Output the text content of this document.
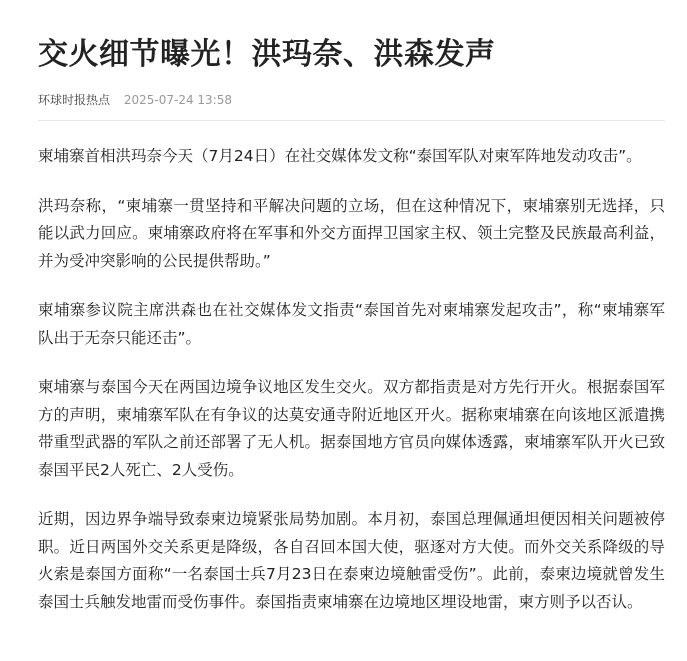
交火细节曝光！洪玛奈、洪森发声
环球时报热点 2025-07-24 13:58

柬埔寨首相洪玛奈今天（7月24日）在社交媒体发文称“泰国军队对柬军阵地发动攻击”。

洪玛奈称，“柬埔寨一贯坚持和平解决问题的立场，但在这种情况下，柬埔寨别无选择，只能以武力回应。柬埔寨政府将在军事和外交方面捍卫国家主权、领土完整及民族最高利益，并为受冲突影响的公民提供帮助。”

柬埔寨参议院主席洪森也在社交媒体发文指责“泰国首先对柬埔寨发起攻击”，称“柬埔寨军队出于无奈只能还击”。

柬埔寨与泰国今天在两国边境争议地区发生交火。双方都指责是对方先行开火。根据泰国军方的声明，柬埔寨军队在有争议的达莫安通寺附近地区开火。据称柬埔寨在向该地区派遣携带重型武器的军队之前还部署了无人机。据泰国地方官员向媒体透露，柬埔寨军队开火已致泰国平民2人死亡、2人受伤。

近期，因边界争端导致泰柬边境紧张局势加剧。本月初，泰国总理佩通坦便因相关问题被停职。近日两国外交关系更是降级，各自召回本国大使，驱逐对方大使。而外交关系降级的导火索是泰国方面称“一名泰国士兵7月23日在泰柬边境触雷受伤”。此前，泰柬边境就曾发生泰国士兵触发地雷而受伤事件。泰国指责柬埔寨在边境地区埋设地雷，柬方则予以否认。
